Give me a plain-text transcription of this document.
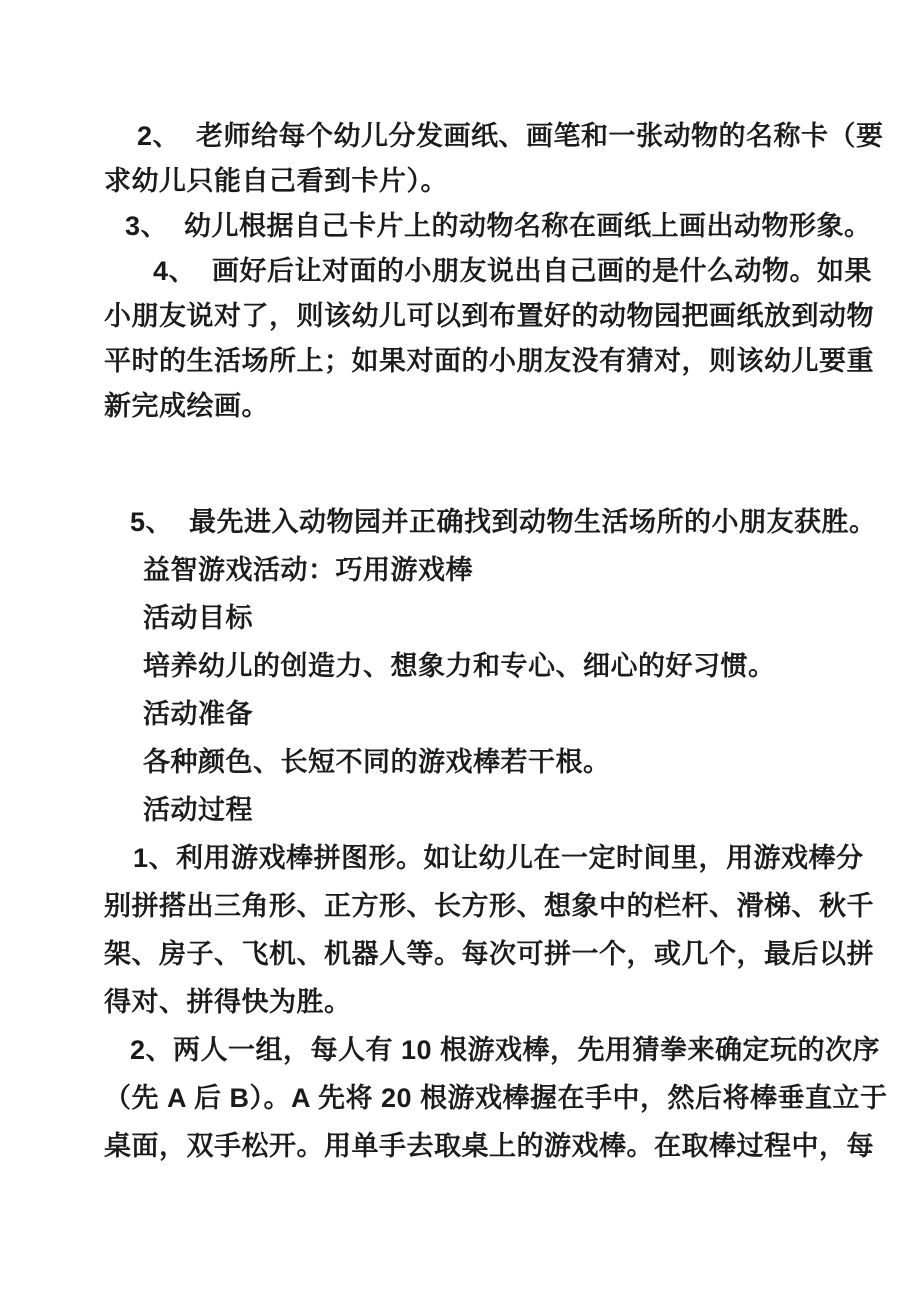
2、  老师给每个幼儿分发画纸、画笔和一张动物的名称卡（要
求幼儿只能自己看到卡片）。
3、  幼儿根据自己卡片上的动物名称在画纸上画出动物形象。
4、  画好后让对面的小朋友说出自己画的是什么动物。如果
小朋友说对了，则该幼儿可以到布置好的动物园把画纸放到动物
平时的生活场所上；如果对面的小朋友没有猜对，则该幼儿要重
新完成绘画。
5、  最先进入动物园并正确找到动物生活场所的小朋友获胜。
益智游戏活动：巧用游戏棒
活动目标
培养幼儿的创造力、想象力和专心、细心的好习惯。
活动准备
各种颜色、长短不同的游戏棒若干根。
活动过程
1、利用游戏棒拼图形。如让幼儿在一定时间里，用游戏棒分
别拼搭出三角形、正方形、长方形、想象中的栏杆、滑梯、秋千
架、房子、飞机、机器人等。每次可拼一个，或几个，最后以拼
得对、拼得快为胜。
2、两人一组，每人有 10 根游戏棒，先用猜拳来确定玩的次序
（先 A 后 B）。A 先将 20 根游戏棒握在手中，然后将棒垂直立于
桌面，双手松开。用单手去取桌上的游戏棒。在取棒过程中，每
